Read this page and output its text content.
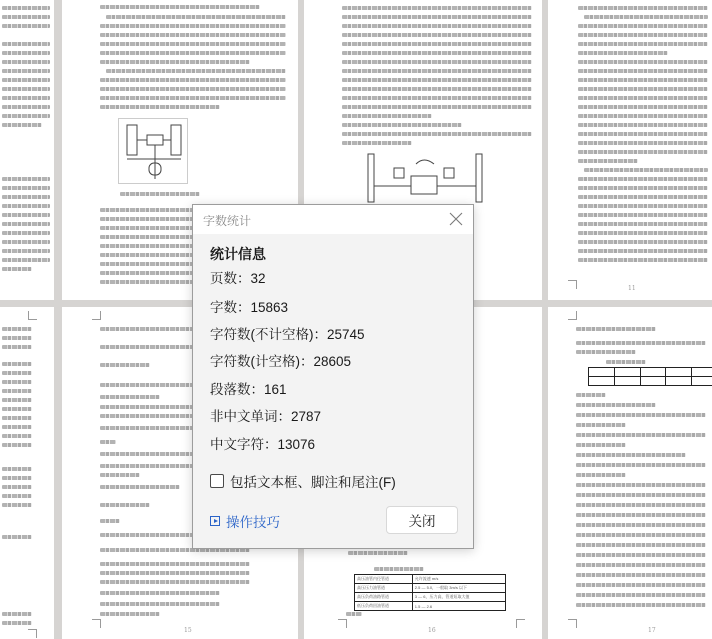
11
15
高压油管内径管道	允许流速 m/s
高压压力油管道	2.5 — 5.0，一般取 3m/s 以下
高压负荷油路管道	3 — 6，压力高，管道短取大值
低压负荷回油管道	1.5 — 2.6
16

					17
字数统计
统计信息
页数：32
字数：15863
字符数(不计空格)：25745
字符数(计空格)：28605
段落数：161
非中文单词：2787
中文字符：13076
包括文本框、脚注和尾注(F)
操作技巧	关闭
